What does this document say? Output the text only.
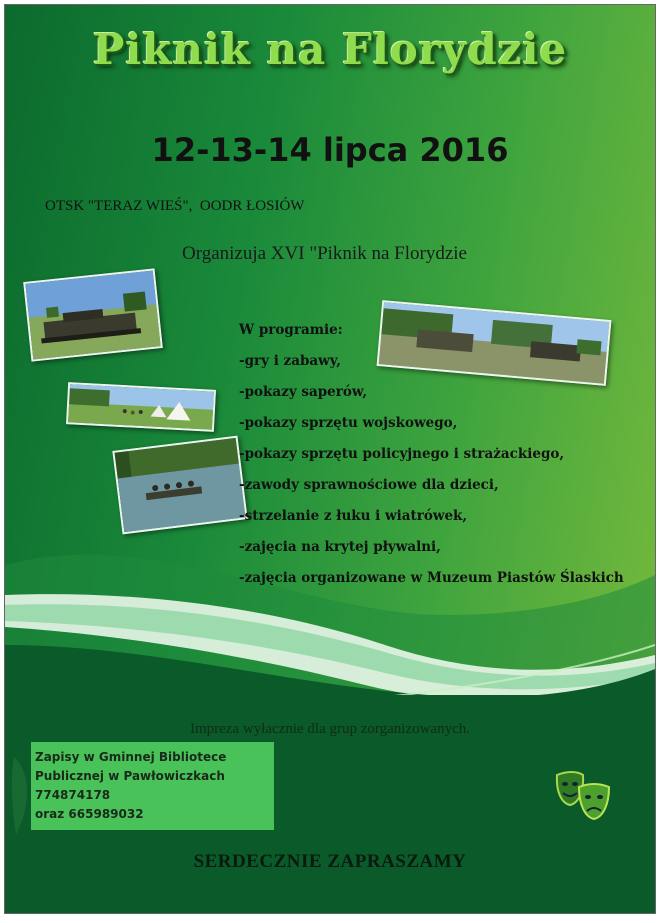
Piknik na Florydzie
12-13-14 lipca 2016
OTSK "TERAZ WIEŚ",  OODR ŁOSIÓW
Organizuja XVI "Piknik na Florydzie
W programie:
-gry i zabawy,
-pokazy saperów,
-pokazy sprzętu wojskowego,
-pokazy sprzętu policyjnego i strażackiego,
-zawody sprawnościowe dla dzieci,
-strzelanie z łuku i wiatrówek,
-zajęcia na krytej pływalni,
-zajęcia organizowane w Muzeum Piastów Ślaskich
Impreza wyłacznie dla grup zorganizowanych.
Zapisy w Gminnej Bibliotece
Publicznej w Pawłowiczkach
774874178
oraz 665989032
SERDECZNIE ZAPRASZAMY
